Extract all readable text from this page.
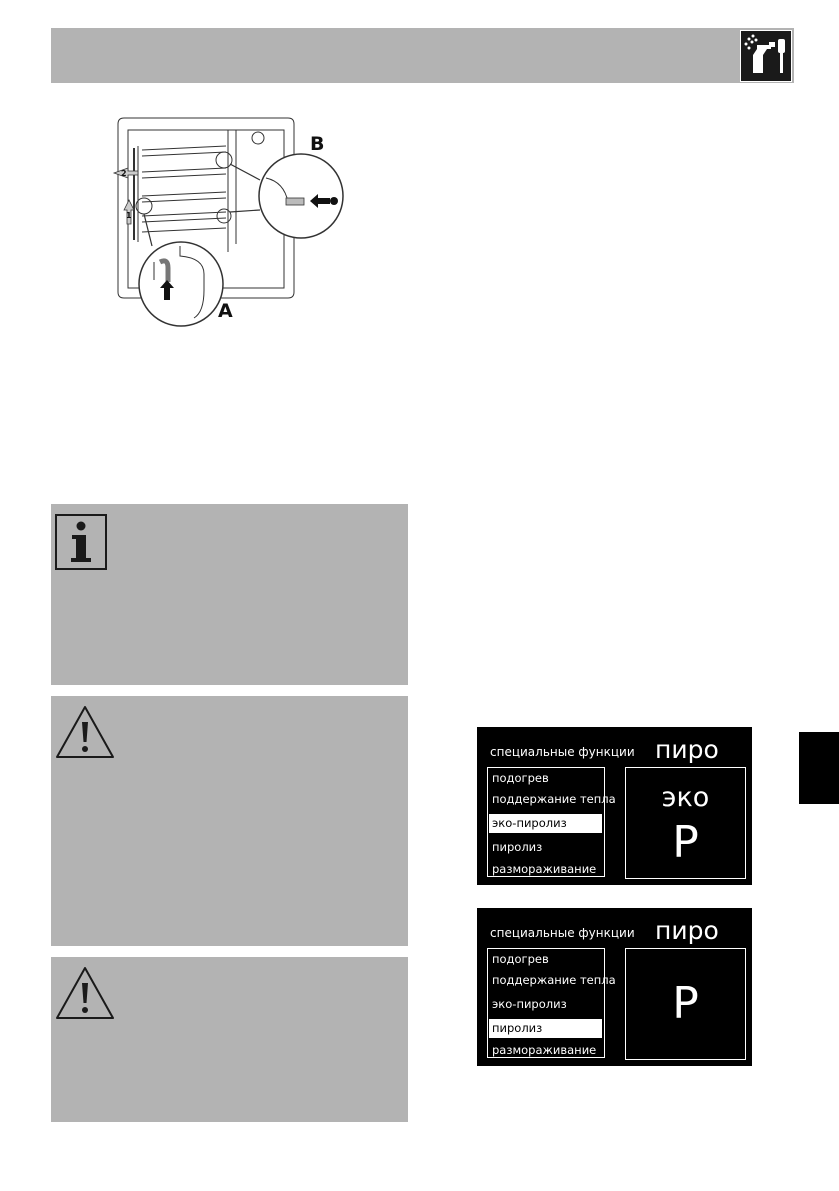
B
A
2
1
специальные функции пиро
подогрев
поддержание тепла
эко-пиролиз
пиролиз
размораживание
эко
P
специальные функции пиро
подогрев
поддержание тепла
эко-пиролиз
пиролиз
размораживание
P
